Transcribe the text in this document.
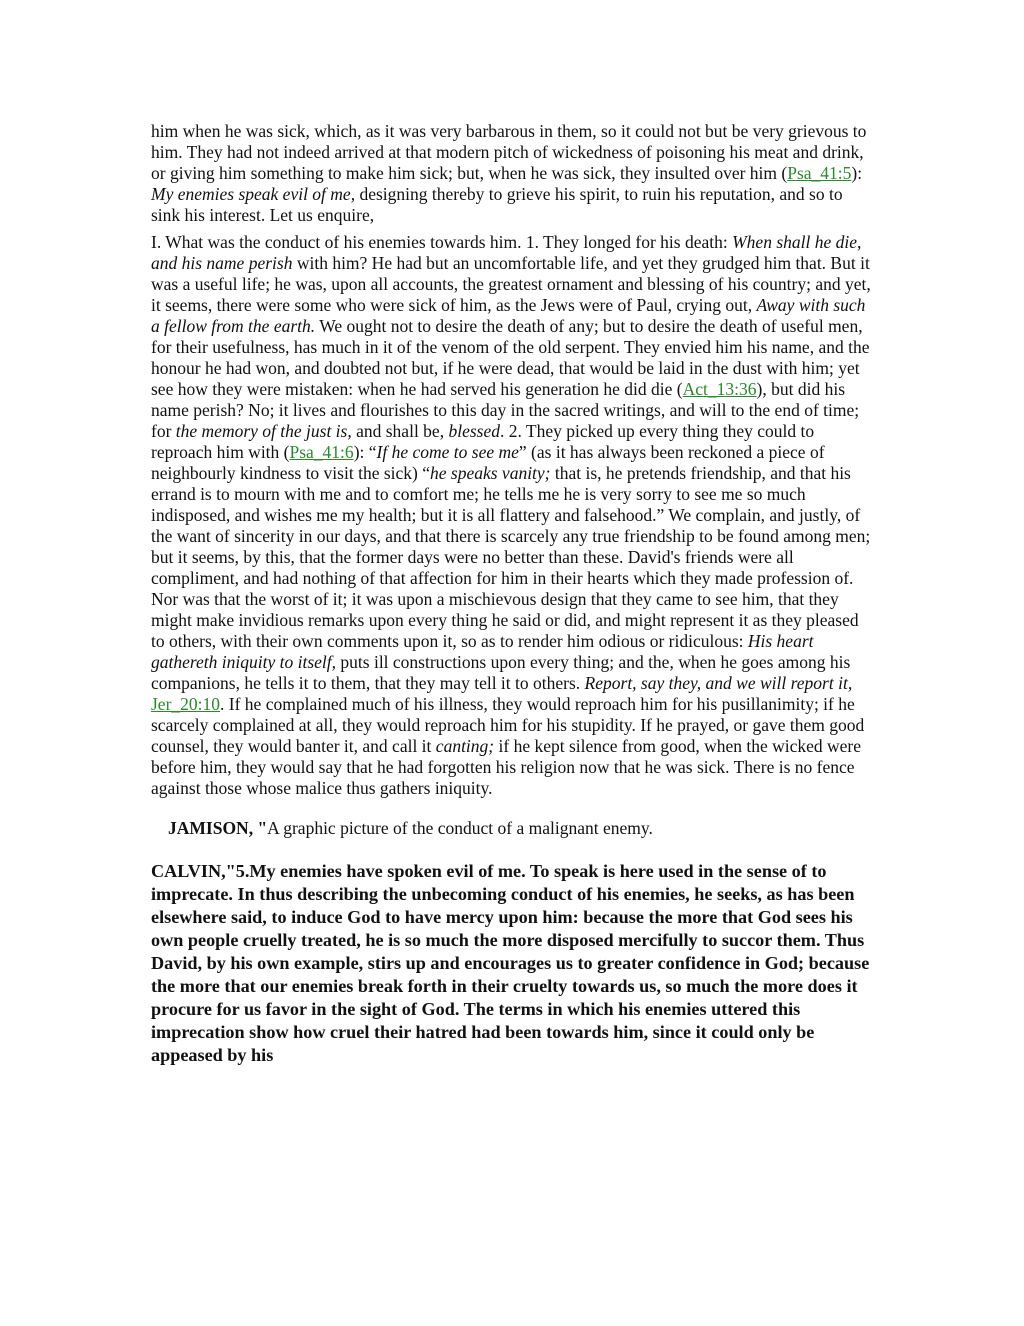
him when he was sick, which, as it was very barbarous in them, so it could not but be very grievous to him. They had not indeed arrived at that modern pitch of wickedness of poisoning his meat and drink, or giving him something to make him sick; but, when he was sick, they insulted over him (Psa_41:5): My enemies speak evil of me, designing thereby to grieve his spirit, to ruin his reputation, and so to sink his interest. Let us enquire,

I. What was the conduct of his enemies towards him. 1. They longed for his death: When shall he die, and his name perish with him? He had but an uncomfortable life, and yet they grudged him that. But it was a useful life; he was, upon all accounts, the greatest ornament and blessing of his country; and yet, it seems, there were some who were sick of him, as the Jews were of Paul, crying out, Away with such a fellow from the earth. We ought not to desire the death of any; but to desire the death of useful men, for their usefulness, has much in it of the venom of the old serpent. They envied him his name, and the honour he had won, and doubted not but, if he were dead, that would be laid in the dust with him; yet see how they were mistaken: when he had served his generation he did die (Act_13:36), but did his name perish? No; it lives and flourishes to this day in the sacred writings, and will to the end of time; for the memory of the just is, and shall be, blessed. 2. They picked up every thing they could to reproach him with (Psa_41:6): “If he come to see me” (as it has always been reckoned a piece of neighbourly kindness to visit the sick) “he speaks vanity; that is, he pretends friendship, and that his errand is to mourn with me and to comfort me; he tells me he is very sorry to see me so much indisposed, and wishes me my health; but it is all flattery and falsehood.” We complain, and justly, of the want of sincerity in our days, and that there is scarcely any true friendship to be found among men; but it seems, by this, that the former days were no better than these. David's friends were all compliment, and had nothing of that affection for him in their hearts which they made profession of. Nor was that the worst of it; it was upon a mischievous design that they came to see him, that they might make invidious remarks upon every thing he said or did, and might represent it as they pleased to others, with their own comments upon it, so as to render him odious or ridiculous: His heart gathereth iniquity to itself, puts ill constructions upon every thing; and the, when he goes among his companions, he tells it to them, that they may tell it to others. Report, say they, and we will report it, Jer_20:10. If he complained much of his illness, they would reproach him for his pusillanimity; if he scarcely complained at all, they would reproach him for his stupidity. If he prayed, or gave them good counsel, they would banter it, and call it canting; if he kept silence from good, when the wicked were before him, they would say that he had forgotten his religion now that he was sick. There is no fence against those whose malice thus gathers iniquity.

JAMISON, "A graphic picture of the conduct of a malignant enemy.

CALVIN,"5.My enemies have spoken evil of me. To speak is here used in the sense of to imprecate. In thus describing the unbecoming conduct of his enemies, he seeks, as has been elsewhere said, to induce God to have mercy upon him: because the more that God sees his own people cruelly treated, he is so much the more disposed mercifully to succor them. Thus David, by his own example, stirs up and encourages us to greater confidence in God; because the more that our enemies break forth in their cruelty towards us, so much the more does it procure for us favor in the sight of God. The terms in which his enemies uttered this imprecation show how cruel their hatred had been towards him, since it could only be appeased by his
